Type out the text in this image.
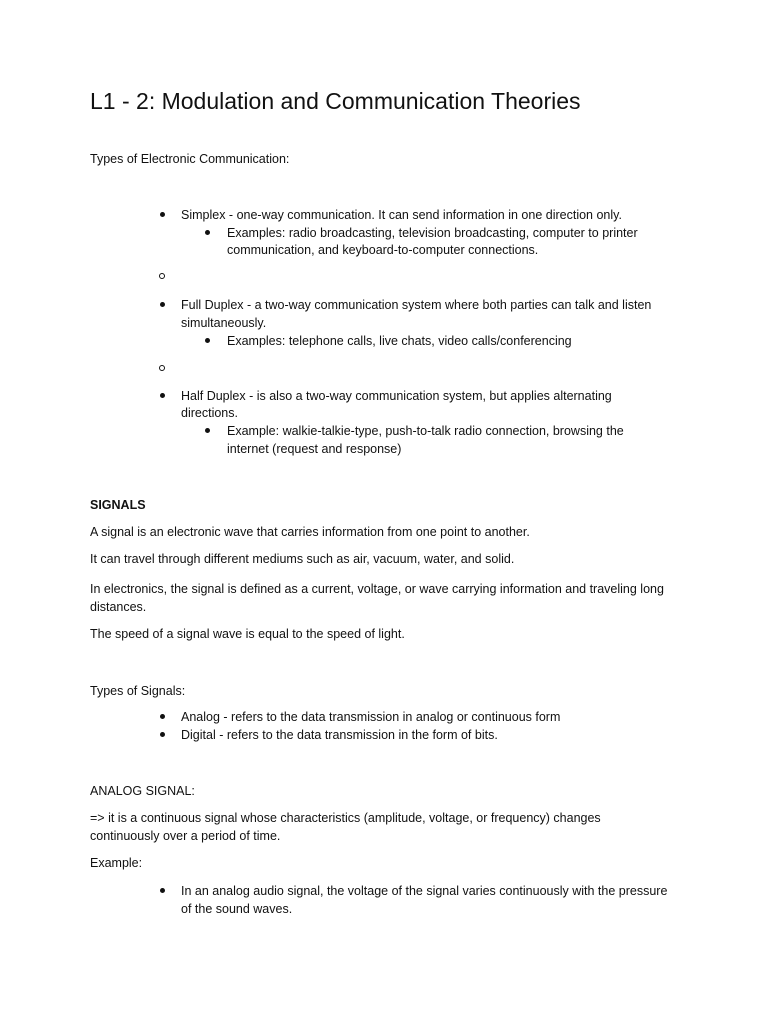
L1 - 2: Modulation and Communication Theories

Types of Electronic Communication:

Simplex - one-way communication. It can send information in one direction only.

Examples: radio broadcasting, television broadcasting, computer to printer

communication, and keyboard-to-computer connections.

Full Duplex - a two-way communication system where both parties can talk and listen

simultaneously.

Examples: telephone calls, live chats, video calls/conferencing

Half Duplex - is also a two-way communication system, but applies alternating

directions.

Example: walkie-talkie-type, push-to-talk radio connection, browsing the

internet (request and response)

SIGNALS

A signal is an electronic wave that carries information from one point to another.

It can travel through different mediums such as air, vacuum, water, and solid.

In electronics, the signal is defined as a current, voltage, or wave carrying information and traveling long

distances.

The speed of a signal wave is equal to the speed of light.

Types of Signals:

Analog - refers to the data transmission in analog or continuous form

Digital - refers to the data transmission in the form of bits.

ANALOG SIGNAL:

=> it is a continuous signal whose characteristics (amplitude, voltage, or frequency) changes

continuously over a period of time.

Example:

In an analog audio signal, the voltage of the signal varies continuously with the pressure

of the sound waves.
